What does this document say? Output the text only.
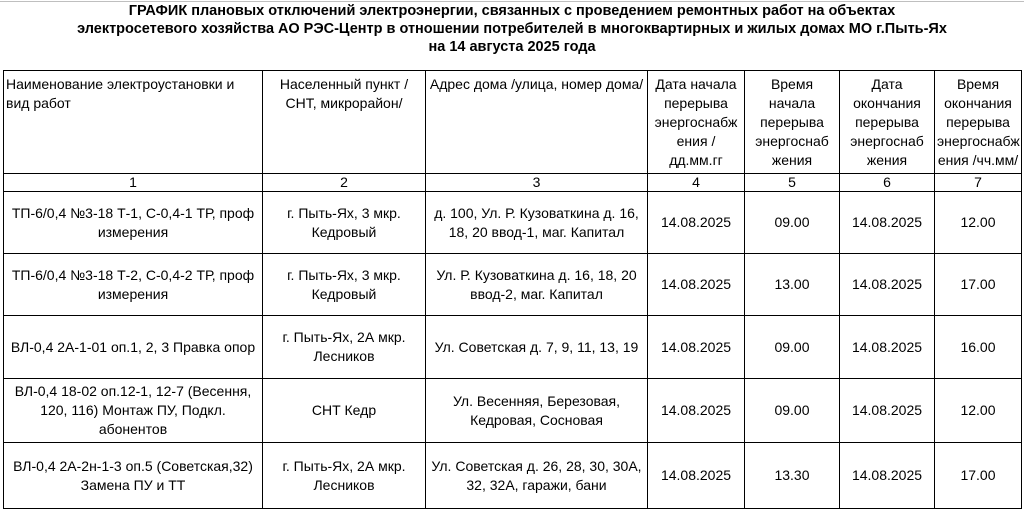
ГРАФИК плановых отключений электроэнергии, связанных с проведением ремонтных работ на объектах
электросетевого хозяйства АО РЭС-Центр в отношении потребителей в многоквартирных и жилых домах МО г.Пыть-Ях
на 14 августа 2025 года
Наименование электроустановки и вид работ	Населенный пункт /СНТ, микрорайон/	Адрес дома /улица, номер дома/	Дата начала перерыва энергоснабж ения /дд.мм.гг	Время начала перерыва энергоснаб жения	Дата окончания перерыва энергоснаб жения	Время окончания перерыва энергоснабж ения /чч.мм/
1	2	3	4	5	6	7
ТП-6/0,4 №3-18 Т-1, С-0,4-1 ТР, проф измерения	г. Пыть-Ях, 3 мкр. Кедровый	д. 100, Ул. Р. Кузоваткина д. 16, 18, 20 ввод-1, маг. Капитал	14.08.2025	09.00	14.08.2025	12.00
ТП-6/0,4 №3-18 Т-2, С-0,4-2 ТР, проф измерения	г. Пыть-Ях, 3 мкр. Кедровый	Ул. Р. Кузоваткина д. 16, 18, 20 ввод-2, маг. Капитал	14.08.2025	13.00	14.08.2025	17.00
ВЛ-0,4 2А-1-01 оп.1, 2, 3 Правка опор	г. Пыть-Ях, 2А мкр. Лесников	Ул. Советская д. 7, 9, 11, 13, 19	14.08.2025	09.00	14.08.2025	16.00
ВЛ-0,4 18-02 оп.12-1, 12-7 (Весення, 120, 116) Монтаж ПУ, Подкл. абонентов	СНТ Кедр	Ул. Весенняя, Березовая, Кедровая, Сосновая	14.08.2025	09.00	14.08.2025	12.00
ВЛ-0,4 2А-2н-1-3 оп.5 (Советская,32) Замена ПУ и ТТ	г. Пыть-Ях, 2А мкр. Лесников	Ул. Советская д. 26, 28, 30, 30А, 32, 32А, гаражи, бани	14.08.2025	13.30	14.08.2025	17.00
